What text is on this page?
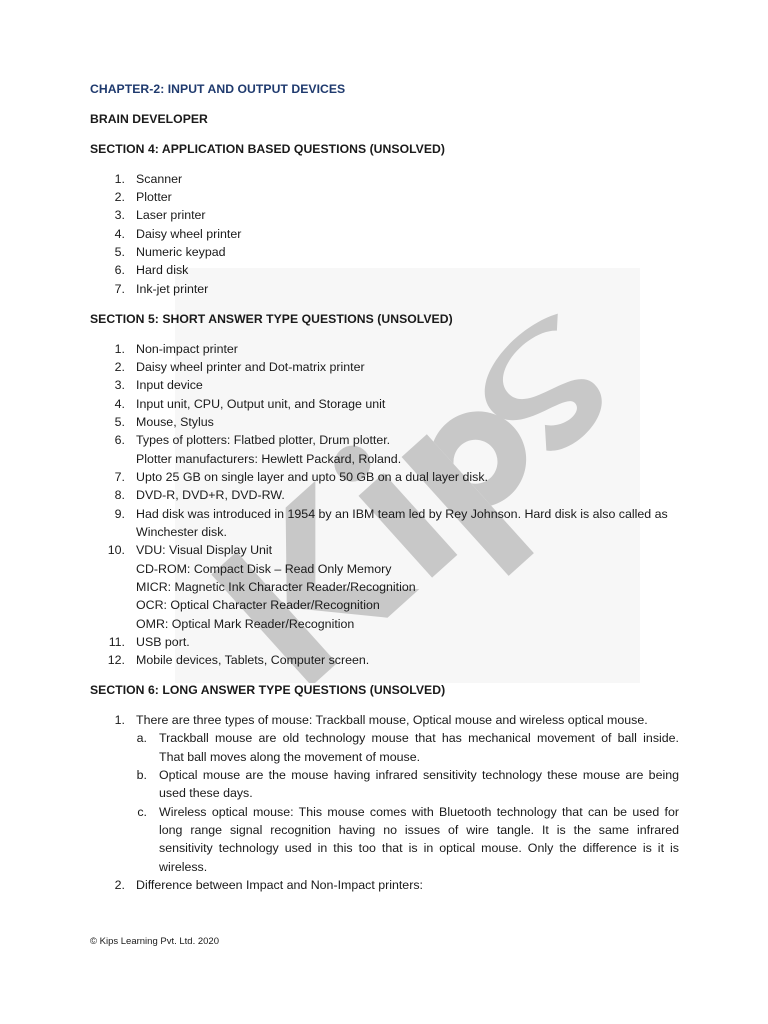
CHAPTER-2: INPUT AND OUTPUT DEVICES
BRAIN DEVELOPER
SECTION 4: APPLICATION BASED QUESTIONS (UNSOLVED)
1. Scanner
2. Plotter
3. Laser printer
4. Daisy wheel printer
5. Numeric keypad
6. Hard disk
7. Ink-jet printer
SECTION 5: SHORT ANSWER TYPE QUESTIONS (UNSOLVED)
1. Non-impact printer
2. Daisy wheel printer and Dot-matrix printer
3. Input device
4. Input unit, CPU, Output unit, and Storage unit
5. Mouse, Stylus
6. Types of plotters: Flatbed plotter, Drum plotter.
Plotter manufacturers: Hewlett Packard, Roland.
7. Upto 25 GB on single layer and upto 50 GB on a dual layer disk.
8. DVD-R, DVD+R, DVD-RW.
9. Had disk was introduced in 1954 by an IBM team led by Rey Johnson. Hard disk is also called as
Winchester disk.
10. VDU: Visual Display Unit
CD-ROM: Compact Disk – Read Only Memory
MICR: Magnetic Ink Character Reader/Recognition
OCR: Optical Character Reader/Recognition
OMR: Optical Mark Reader/Recognition
11. USB port.
12. Mobile devices, Tablets, Computer screen.
SECTION 6: LONG ANSWER TYPE QUESTIONS (UNSOLVED)
1. There are three types of mouse: Trackball mouse, Optical mouse and wireless optical mouse.
a. Trackball mouse are old technology mouse that has mechanical movement of ball inside.
That ball moves along the movement of mouse.
b. Optical mouse are the mouse having infrared sensitivity technology these mouse are being
used these days.
c. Wireless optical mouse: This mouse comes with Bluetooth technology that can be used for
long range signal recognition having no issues of wire tangle. It is the same infrared
sensitivity technology used in this too that is in optical mouse. Only the difference is it is
wireless.
2. Difference between Impact and Non-Impact printers:
© Kips Learning Pvt. Ltd. 2020
